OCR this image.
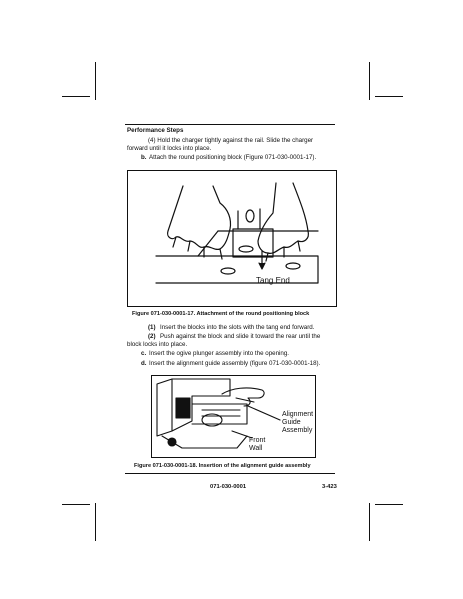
Performance Steps
(4) Hold the charger tightly against the rail. Slide the charger
forward until it locks into place.
b. Attach the round positioning block (Figure 071-030-0001-17).
Tang End
Figure 071-030-0001-17. Attachment of the round positioning block
(1) Insert the blocks into the slots with the tang end forward.
(2) Push against the block and slide it toward the rear until the
block locks into place.
c. Insert the ogive plunger assembly into the opening.
d. Insert the alignment guide assembly (figure 071-030-0001-18).
Alignment
Guide
Assembly
Front
Wall
Figure 071-030-0001-18. Insertion of the alignment guide assembly
071-030-0001	3-423
